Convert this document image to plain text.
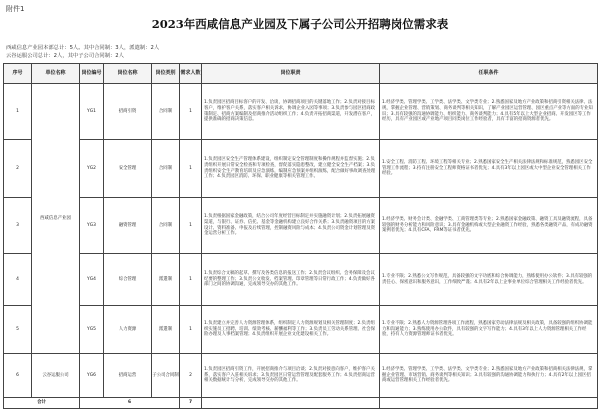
附件1
2023年西咸信息产业园及下属子公司公开招聘岗位需求表
西咸信息产业园本部总计：5人。其中合同制：3人，派遣制：2人
云谷运服公司总计：2人，其中子公司合同制：2人
序号	单位名称	岗位编号	岗位名称	岗位类别	需求人数	岗位职责	任职条件
1	西咸信息产业园	YG1	招商引资	合同制	1	1.负责园区招商目标客户的开发、洽谈，协调招商项目的关键落地工作；2.负责对接目标客户，维护客户关系，落实客户相关诉求，协调企业入园等事项；3.负责参与园区招商政策制定、招商方案编制及招商推介活动组织工作；4.负责开拓招商渠道，开发潜在客户，提供准确的招商决策信息。	1.经济学类、管理学类、工学类、法学类、文学类专业；2.熟悉国家及地方产业政策和招商引资相关法律、法规，掌握企业管理、营销策划、商务谈判等相关知识，了解产业园区运营管理、园区重点产业等方面的专业知识；3.具有较强的沟通协调能力、组织能力、商务谈判能力；4.具有5年以上大型企业招商、开发园区等工作经历，具有产业园区或产业地产项目同类岗位工作经验者，具有丰富的招商资源者优先。
2		YG2	安全管理	合同制	1	1.负责园区安全生产管理体系建设，组织制定安全管理制度和操作规程并监督实施；2.负责组织开展日常安全检查和专项检查，督促落实隐患整改，建立健全安全生产档案；3.负责组织安全生产教育培训及应急演练，编制应急预案并组织演练，配合做好事故调查处理工作；4.负责园区消防、环保、职业健康等相关管理工作。	1.安全工程、消防工程、环境工程等相关专业；2.熟悉国家安全生产相关法律法规和标准规范，熟悉园区安全管理工作流程；3.持有注册安全工程师资格证书者优先；4.具有3年以上园区或大中型企业安全管理相关工作经验。
3		YG3	融资管理	合同制	1	1.负责根据国家金融政策，结合公司年度经营目标制定并实施融资计划；2.负责拓展融资渠道，与银行、证券、信托、基金等金融机构建立良好合作关系；3.负责融资项目的方案设计、资料准备、申报及后续管理，控制融资风险与成本；4.负责公司资金计划管理及资金运营分析工作。	1.经济学类、财务会计类、金融学类、工商管理类等专业；2.熟悉国家金融政策、融资工具及融资流程，具备较强的财务分析能力和风险意识；3.具有金融机构或大型企业融资工作经验，熟悉各类融资产品，有成功融资案例者优先；4.具有CFA、FRM等证书者优先。
4		YG4	综合管理	派遣制	1	1.负责综合文稿的起草、撰写及各类信息的报送工作；2.负责会议组织、会务保障及会议纪要的整理工作；3.负责公文收发、档案管理、印章管理等日常行政工作；4.负责做好各部门之间的协调沟通，完成领导交办的其他工作。	1.专业不限；2.熟悉公文写作规范，具备较强的文字功底和综合协调能力，熟练使用办公软件；3.具有较强的责任心、保密意识和服务意识，工作细致严谨；4.具有2年以上企事业单位综合管理相关工作经验者优先。
5		YG5	人力资源	派遣制	1	1.负责建立并完善人力资源管理体系，组织制定人力资源规划及相关管理制度；2.负责组织实施员工招聘、培训、绩效考核、薪酬福利等工作；3.负责员工劳动关系管理、社会保险办理及人事档案管理；4.负责组织开展企业文化建设相关工作。	1.专业不限；2.熟悉人力资源管理各项工作流程，熟悉国家劳动法律法规及相关政策，具备较强的组织协调能力和沟通能力；3.熟练使用办公软件，具有较强的文字写作能力；4.具有3年以上人力资源管理相关工作经验，持有人力资源管理师证书者优先。
6	云谷运服公司	YG6	招商运营	子公司合同制	2	1.负责园区招商引资工作，开展招商推介与项目洽谈；2.负责对接意向客户，维护客户关系，落实客户入驻相关诉求；3.负责园区日常运营管理及配套服务工作；4.负责招商运营相关数据统计与分析，完成领导交办的其他工作。	1.经济学类、管理学类、工学类、法学类、文学类专业；2.熟悉国家及地方产业政策和招商相关法律法规，掌握企业管理、市场营销、商务谈判等相关知识；3.具有较强的沟通协调能力和执行力；4.具有2年以上园区招商或运营管理相关工作经验者优先。
合计		6			7		
